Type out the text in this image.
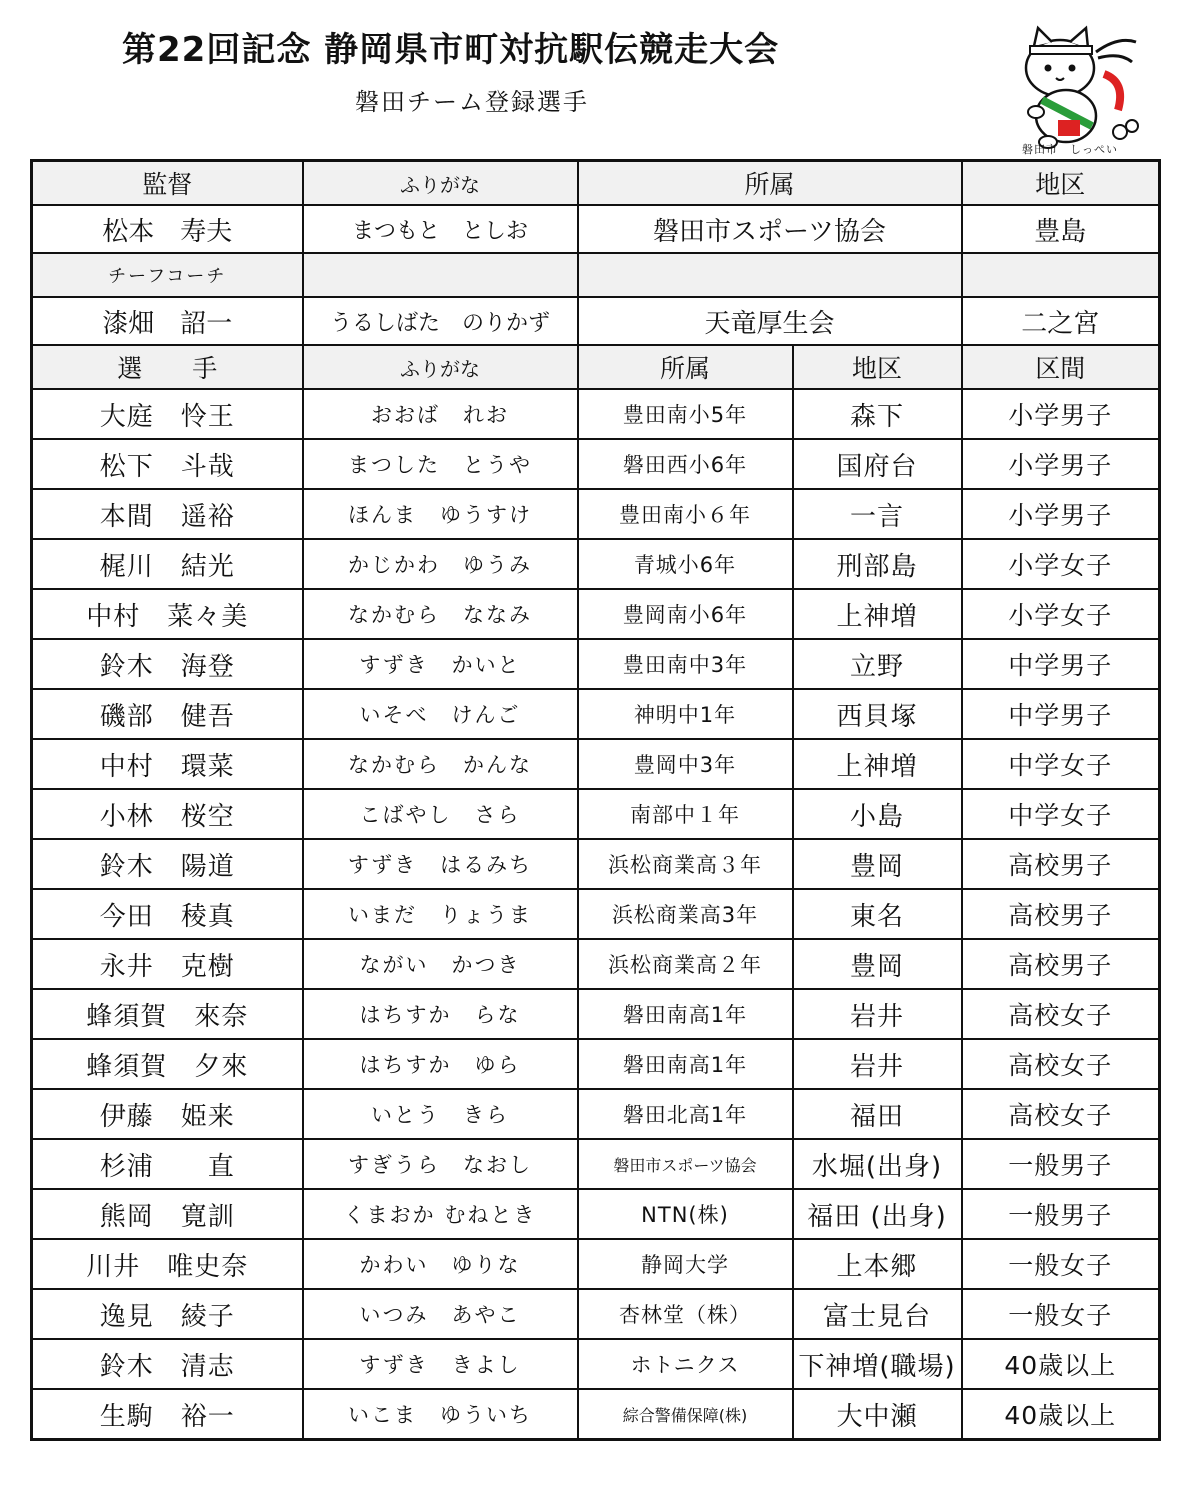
第22回記念 静岡県市町対抗駅伝競走大会
磐田チーム登録選手
磐田市　しっぺい
監督	ふりがな	所属		地区
松本　寿夫	まつもと　としお	磐田市スポーツ協会		豊島
チーフコーチ				
漆畑　詔一	うるしばた　のりかず	天竜厚生会		二之宮
選　　手	ふりがな	所属	地区	区間
大庭　怜王	おおば　れお	豊田南小5年	森下	小学男子
松下　斗哉	まつした　とうや	磐田西小6年	国府台	小学男子
本間　遥裕	ほんま　ゆうすけ	豊田南小６年	一言	小学男子
梶川　結光	かじかわ　ゆうみ	青城小6年	刑部島	小学女子
中村　菜々美	なかむら　ななみ	豊岡南小6年	上神増	小学女子
鈴木　海登	すずき　かいと	豊田南中3年	立野	中学男子
磯部　健吾	いそべ　けんご	神明中1年	西貝塚	中学男子
中村　環菜	なかむら　かんな	豊岡中3年	上神増	中学女子
小林　桜空	こばやし　さら	南部中１年	小島	中学女子
鈴木　陽道	すずき　はるみち	浜松商業高３年	豊岡	高校男子
今田　稜真	いまだ　りょうま	浜松商業高3年	東名	高校男子
永井　克樹	ながい　かつき	浜松商業高２年	豊岡	高校男子
蜂須賀　來奈	はちすか　らな	磐田南高1年	岩井	高校女子
蜂須賀　夕來	はちすか　ゆら	磐田南高1年	岩井	高校女子
伊藤　姫来	いとう　きら	磐田北高1年	福田	高校女子
杉浦　　直	すぎうら　なおし	磐田市スポーツ協会	水堀(出身)	一般男子
熊岡　寛訓	くまおか むねとき	NTN(株)	福田 (出身)	一般男子
川井　唯史奈	かわい　ゆりな	静岡大学	上本郷	一般女子
逸見　綾子	いつみ　あやこ	杏林堂（株）	富士見台	一般女子
鈴木　清志	すずき　きよし	ホトニクス	下神増(職場)	40歳以上
生駒　裕一	いこま　ゆういち	綜合警備保障(株)	大中瀬	40歳以上
